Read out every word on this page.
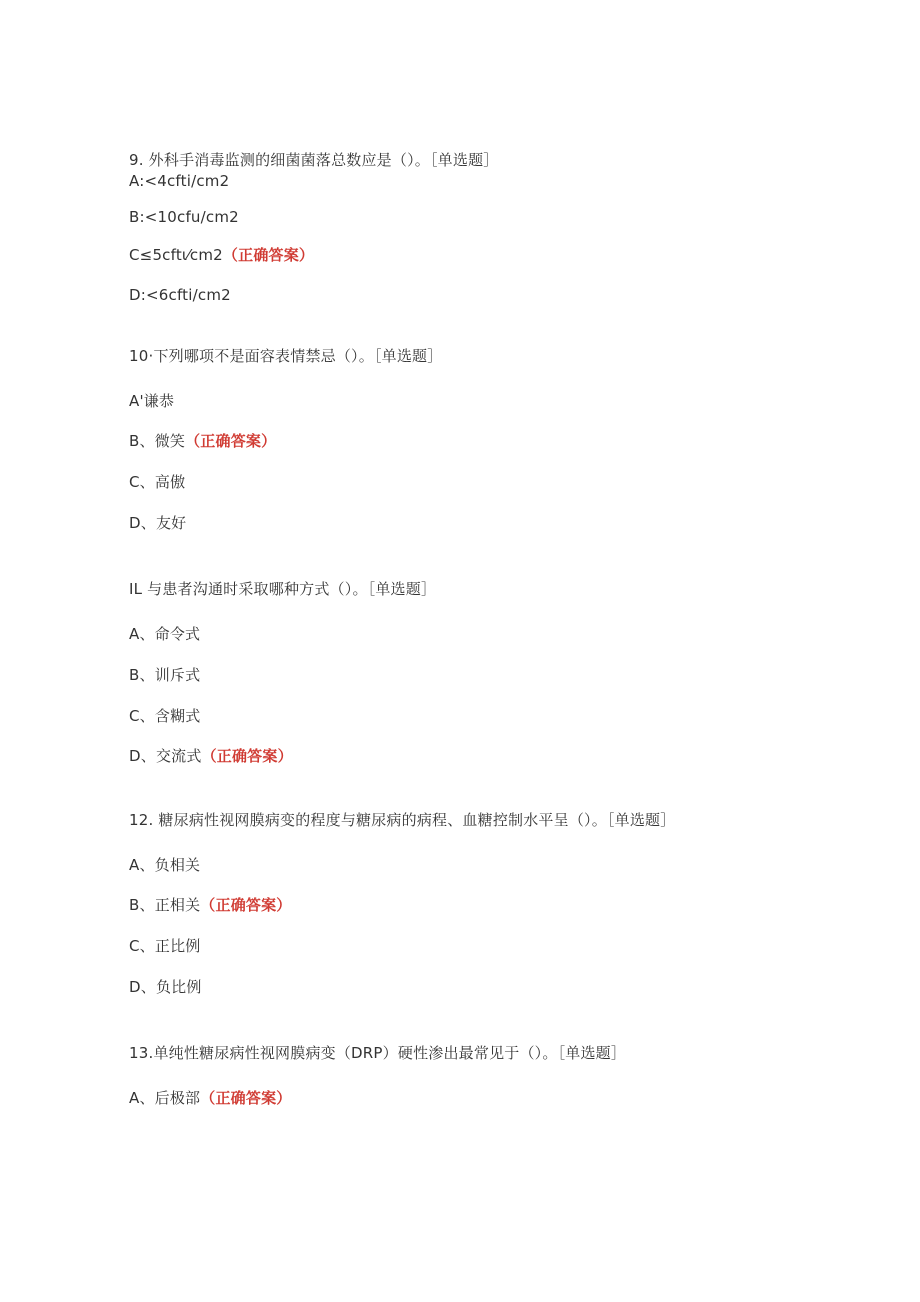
9. 外科手消毒监测的细菌菌落总数应是（）。［单选题］
A:<4cfti/cm2
B:<10cfu/cm2
C≤5cftι⁄cm2（正确答案）
D:<6cfti/cm2
10·下列哪项不是面容表情禁忌（）。［单选题］
A'谦恭
B、微笑（正确答案）
C、高傲
D、友好
IL 与患者沟通时采取哪种方式（）。［单选题］
A、命令式
B、训斥式
C、含糊式
D、交流式（正确答案）
12. 糖尿病性视网膜病变的程度与糖尿病的病程、血糖控制水平呈（）。［单选题］
A、负相关
B、正相关（正确答案）
C、正比例
D、负比例
13.单纯性糖尿病性视网膜病变（DRP）硬性渗出最常见于（）。［单选题］
A、后极部（正确答案）
